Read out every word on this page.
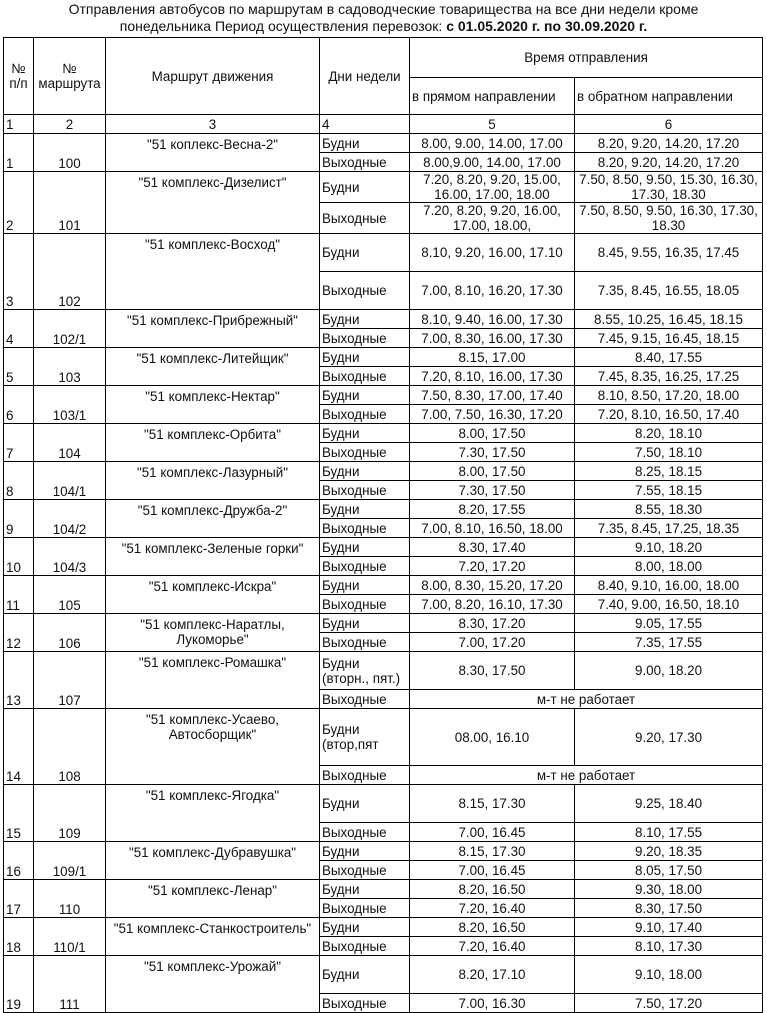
Отправления автобусов по маршрутам в садоводческие товарищества на все дни недели кроме
понедельника Период осуществления перевозок: с 01.05.2020 г. по 30.09.2020 г.
№ п/п	№ маршрута	Маршрут движения	Дни недели	Время отправления	
				в прямом направлении	в обратном направлении
1	2	3	4	5	6
1	100	"51 коплекс-Весна-2"	Будни	8.00, 9.00, 14.00, 17.00	8.20, 9.20, 14.20, 17.20
			Выходные	8.00,9.00, 14.00, 17.00	8.20, 9.20, 14.20, 17.20
2	101	"51 комплекс-Дизелист"	Будни	7.20, 8.20, 9.20, 15.00, 16.00, 17.00, 18.00	7.50, 8.50, 9.50, 15.30, 16.30, 17.30, 18.30
			Выходные	7.20, 8.20, 9.20, 16.00, 17.00, 18.00,	7.50, 8.50, 9.50, 16.30, 17.30, 18.30
3	102	"51 комплекс-Восход"	Будни	8.10, 9.20, 16.00, 17.10	8.45, 9.55, 16.35, 17.45
			Выходные	7.00, 8.10, 16.20, 17.30	7.35, 8.45, 16.55, 18.05
4	102/1	"51 комплекс-Прибрежный"	Будни	8.10, 9.40, 16.00, 17.30	8.55, 10.25, 16.45, 18.15
			Выходные	7.00, 8.30, 16.00, 17.30	7.45, 9.15, 16.45, 18.15
5	103	"51 комплекс-Литейщик"	Будни	8.15, 17.00	8.40, 17.55
			Выходные	7.20, 8.10, 16.00, 17.30	7.45, 8.35, 16.25, 17.25
6	103/1	"51 комплекс-Нектар"	Будни	7.50, 8.30, 17.00, 17.40	8.10, 8.50, 17.20, 18.00
			Выходные	7.00, 7.50, 16.30, 17.20	7.20, 8.10, 16.50, 17.40
7	104	"51 комплекс-Орбита"	Будни	8.00, 17.50	8.20, 18.10
			Выходные	7.30, 17.50	7.50, 18.10
8	104/1	"51 комплекс-Лазурный"	Будни	8.00, 17.50	8.25, 18.15
			Выходные	7.30, 17.50	7.55, 18.15
9	104/2	"51 комплекс-Дружба-2"	Будни	8.20, 17.55	8.55, 18.30
			Выходные	7.00, 8.10, 16.50, 18.00	7.35, 8.45, 17.25, 18.35
10	104/3	"51 комплекс-Зеленые горки"	Будни	8.30, 17.40	9.10, 18.20
			Выходные	7.20, 17.20	8.00, 18.00
11	105	"51 комплекс-Искра"	Будни	8.00, 8.30, 15.20, 17.20	8.40, 9.10, 16.00, 18.00
			Выходные	7.00, 8.20, 16.10, 17.30	7.40, 9.00, 16.50, 18.10
12	106	"51 комплекс-Наратлы, Лукоморье"	Будни	8.30, 17.20	9.05, 17.55
			Выходные	7.00, 17.20	7.35, 17.55
13	107	"51 комплекс-Ромашка"	Будни (вторн., пят.)	8.30, 17.50	9.00, 18.20
			Выходные	м-т не работает	
14	108	"51 комплекс-Усаево, Автосборщик"	Будни (втор,пят	08.00, 16.10	9.20, 17.30
			Выходные	м-т не работает	
15	109	"51 комплекс-Ягодка"	Будни	8.15, 17.30	9.25, 18.40
			Выходные	7.00, 16.45	8.10, 17.55
16	109/1	"51 комплекс-Дубравушка"	Будни	8.15, 17.30	9.20, 18.35
			Выходные	7.00, 16.45	8.05, 17.50
17	110	"51 комплекс-Ленар"	Будни	8.20, 16.50	9.30, 18.00
			Выходные	7.20, 16.40	8.30, 17.50
18	110/1	"51 комплекс-Станкостроитель"	Будни	8.20, 16.50	9.10, 17.40
			Выходные	7.20, 16.40	8.10, 17.30
19	111	"51 комплекс-Урожай"	Будни	8.20, 17.10	9.10, 18.00
			Выходные	7.00, 16.30	7.50, 17.20
